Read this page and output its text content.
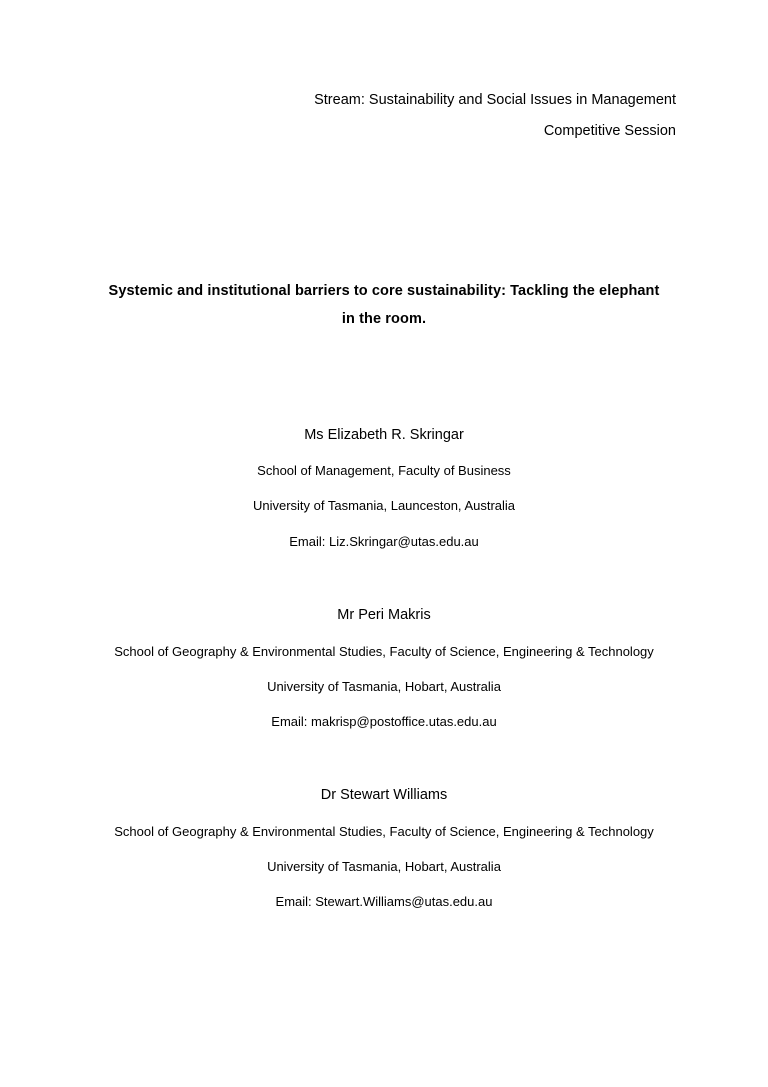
Stream: Sustainability and Social Issues in Management
Competitive Session
Systemic and institutional barriers to core sustainability: Tackling the elephant
in the room.
Ms Elizabeth R. Skringar
School of Management, Faculty of Business
University of Tasmania, Launceston, Australia
Email: Liz.Skringar@utas.edu.au
Mr Peri Makris
School of Geography & Environmental Studies, Faculty of Science, Engineering & Technology
University of Tasmania, Hobart, Australia
Email: makrisp@postoffice.utas.edu.au
Dr Stewart Williams
School of Geography & Environmental Studies, Faculty of Science, Engineering & Technology
University of Tasmania, Hobart, Australia
Email: Stewart.Williams@utas.edu.au
